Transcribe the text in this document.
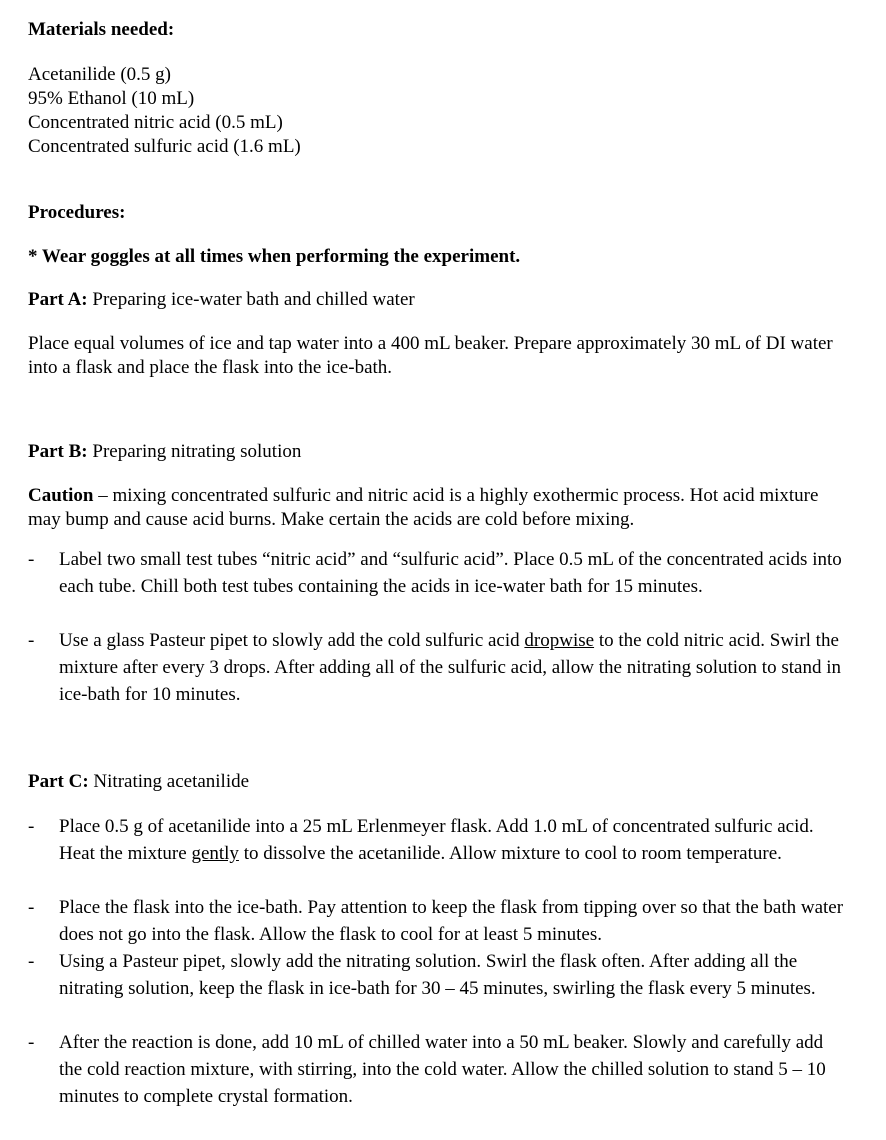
Materials needed:
Acetanilide (0.5 g)
95% Ethanol (10 mL)
Concentrated nitric acid (0.5 mL)
Concentrated sulfuric acid (1.6 mL)
Procedures:
* Wear goggles at all times when performing the experiment.
Part A: Preparing ice-water bath and chilled water
Place equal volumes of ice and tap water into a 400 mL beaker. Prepare approximately 30 mL of DI water into a flask and place the flask into the ice-bath.
Part B: Preparing nitrating solution
Caution – mixing concentrated sulfuric and nitric acid is a highly exothermic process. Hot acid mixture may bump and cause acid burns. Make certain the acids are cold before mixing.
- Label two small test tubes “nitric acid” and “sulfuric acid”. Place 0.5 mL of the concentrated acids into each tube. Chill both test tubes containing the acids in ice-water bath for 15 minutes.
- Use a glass Pasteur pipet to slowly add the cold sulfuric acid dropwise to the cold nitric acid. Swirl the mixture after every 3 drops. After adding all of the sulfuric acid, allow the nitrating solution to stand in ice-bath for 10 minutes.
Part C: Nitrating acetanilide
- Place 0.5 g of acetanilide into a 25 mL Erlenmeyer flask. Add 1.0 mL of concentrated sulfuric acid. Heat the mixture gently to dissolve the acetanilide. Allow mixture to cool to room temperature.
- Place the flask into the ice-bath. Pay attention to keep the flask from tipping over so that the bath water does not go into the flask. Allow the flask to cool for at least 5 minutes.
- Using a Pasteur pipet, slowly add the nitrating solution. Swirl the flask often. After adding all the nitrating solution, keep the flask in ice-bath for 30 – 45 minutes, swirling the flask every 5 minutes.
- After the reaction is done, add 10 mL of chilled water into a 50 mL beaker. Slowly and carefully add the cold reaction mixture, with stirring, into the cold water. Allow the chilled solution to stand 5 – 10 minutes to complete crystal formation.
